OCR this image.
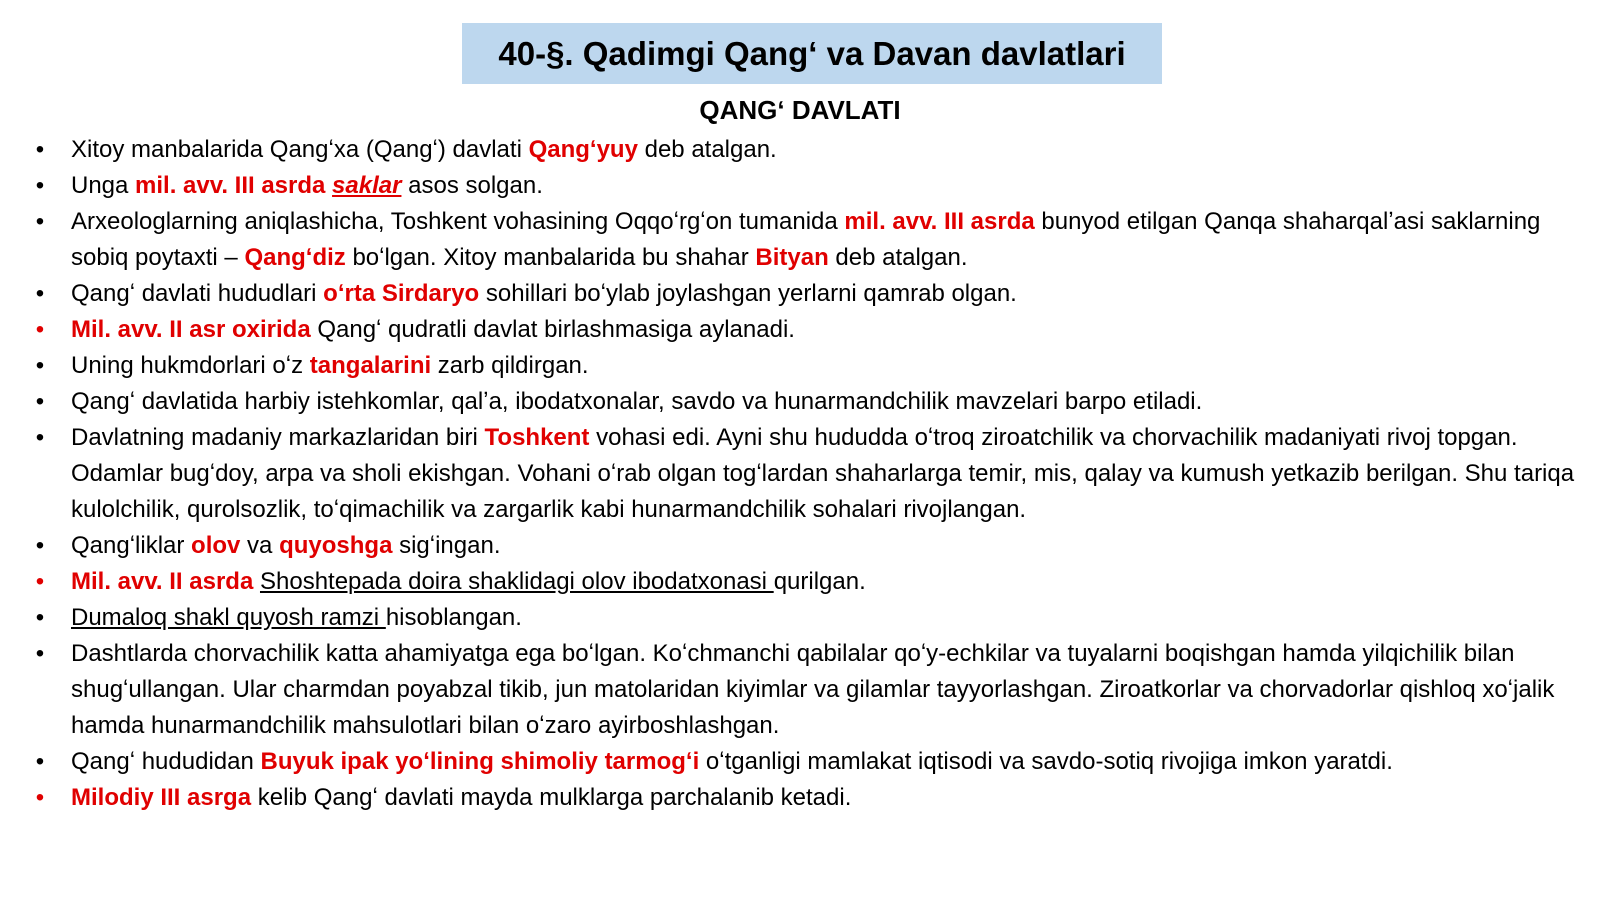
40-§. Qadimgi Qangʻ va Davan davlatlari
QANGʻ DAVLATI
• Xitoy manbalarida Qangʻxa (Qangʻ) davlati Qangʻyuy deb atalgan.
• Unga mil. avv. III asrda saklar asos solgan.
• Arxeologlarning aniqlashicha, Toshkent vohasining Oqqoʻrgʻon tumanida mil. avv. III asrda bunyod etilgan Qanqa shaharqalʼasi saklarning sobiq poytaxti – Qangʻdiz boʻlgan. Xitoy manbalarida bu shahar Bityan deb atalgan.
• Qangʻ davlati hududlari oʻrta Sirdaryo sohillari boʻylab joylashgan yerlarni qamrab olgan.
• Mil. avv. II asr oxirida Qangʻ qudratli davlat birlashmasiga aylanadi.
• Uning hukmdorlari oʻz tangalarini zarb qildirgan.
• Qangʻ davlatida harbiy istehkomlar, qalʼa, ibodatxonalar, savdo va hunarmandchilik mavzelari barpo etiladi.
• Davlatning madaniy markazlaridan biri Toshkent vohasi edi. Ayni shu hududda oʻtroq ziroatchilik va chorvachilik madaniyati rivoj topgan. Odamlar bugʻdoy, arpa va sholi ekishgan. Vohani oʻrab olgan togʻlardan shaharlarga temir, mis, qalay va kumush yetkazib berilgan. Shu tariqa kulolchilik, qurolsozlik, toʻqimachilik va zargarlik kabi hunarmandchilik sohalari rivojlangan.
• Qangʻliklar olov va quyoshga sigʻingan.
• Mil. avv. II asrda Shoshtepada doira shaklidagi olov ibodatxonasi qurilgan.
• Dumaloq shakl quyosh ramzi hisoblangan.
• Dashtlarda chorvachilik katta ahamiyatga ega boʻlgan. Koʻchmanchi qabilalar qoʻy-echkilar va tuyalarni boqishgan hamda yilqichilik bilan shugʻullangan. Ular charmdan poyabzal tikib, jun matolaridan kiyimlar va gilamlar tayyorlashgan. Ziroatkorlar va chorvadorlar qishloq xoʻjalik hamda hunarmandchilik mahsulotlari bilan oʻzaro ayirboshlashgan.
• Qangʻ hududidan Buyuk ipak yoʻlining shimoliy tarmogʻi oʻtganligi mamlakat iqtisodi va savdo-sotiq rivojiga imkon yaratdi.
• Milodiy III asrga kelib Qangʻ davlati mayda mulklarga parchalanib ketadi.
